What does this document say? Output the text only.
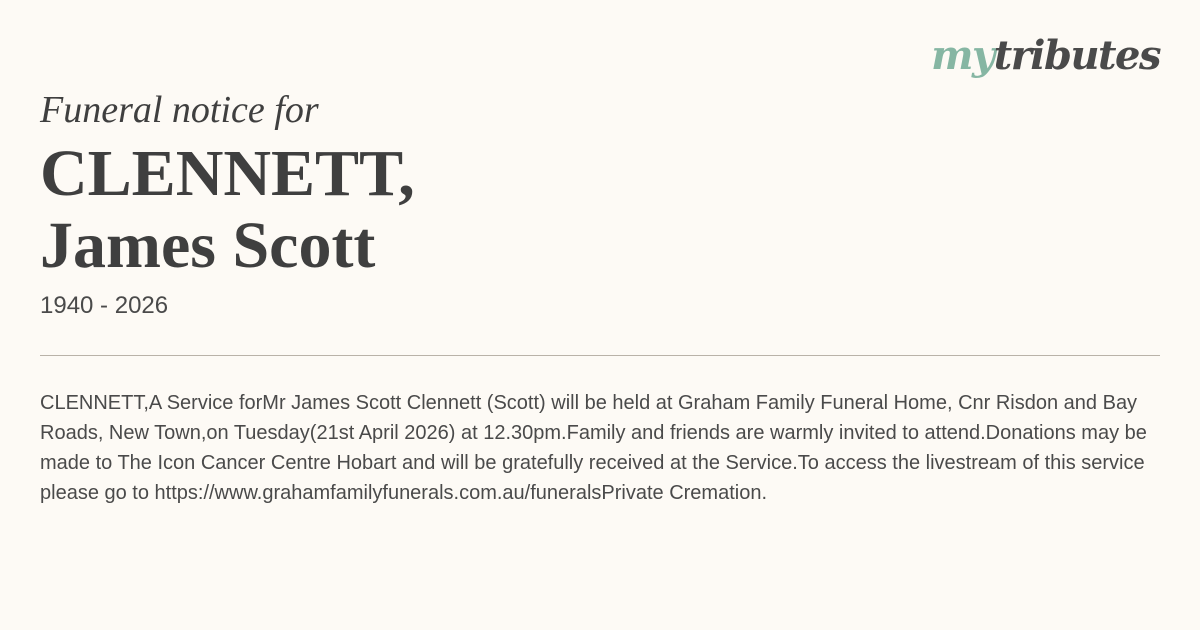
mytributes
Funeral notice for
CLENNETT,
James Scott
1940 - 2026
CLENNETT,A Service forMr James Scott Clennett (Scott) will be held at Graham Family Funeral Home, Cnr Risdon and Bay Roads, New Town,on Tuesday(21st April 2026) at 12.30pm.Family and friends are warmly invited to attend.Donations may be made to The Icon Cancer Centre Hobart and will be gratefully received at the Service.To access the livestream of this service please go to https://www.grahamfamilyfunerals.com.au/funeralsPrivate Cremation.
